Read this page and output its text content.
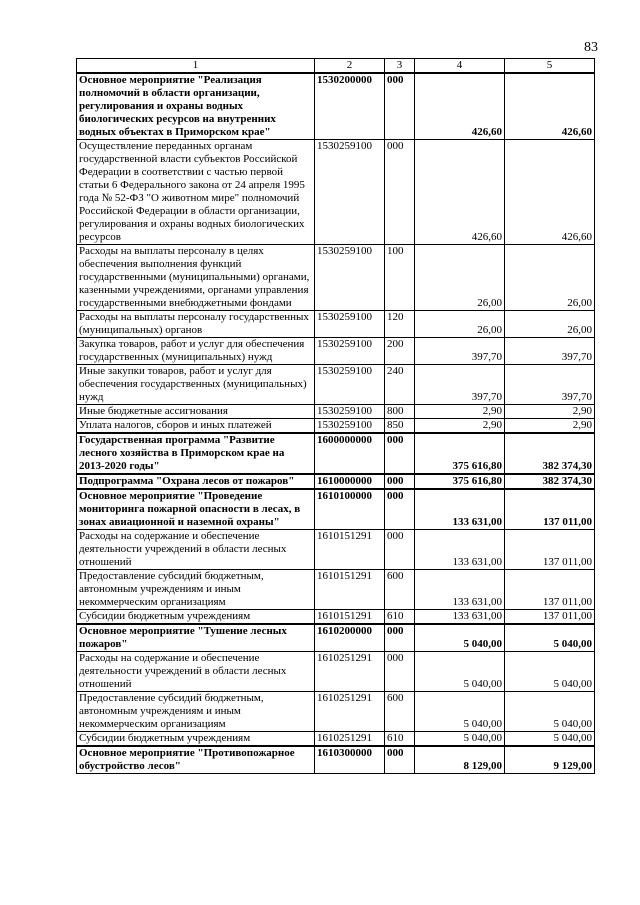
83
1	2	3	4	5
Основное мероприятие "Реализация полномочий в области организации, регулирования и охраны водных биологических ресурсов на внутренних водных объектах в Приморском крае"	1530200000	000	426,60	426,60
Осуществление переданных органам государственной власти субъектов Российской Федерации в соответствии с частью первой статьи 6 Федерального закона от 24 апреля 1995 года № 52-ФЗ "О животном мире" полномочий Российской Федерации в области организации, регулирования и охраны водных биологических ресурсов	1530259100	000	426,60	426,60
Расходы на выплаты персоналу в целях обеспечения выполнения функций государственными (муниципальными) органами, казенными учреждениями, органами управления государственными внебюджетными фондами	1530259100	100	26,00	26,00
Расходы на выплаты персоналу государственных (муниципальных) органов	1530259100	120	26,00	26,00
Закупка товаров, работ и услуг для обеспечения государственных (муниципальных) нужд	1530259100	200	397,70	397,70
Иные закупки товаров, работ и услуг для обеспечения государственных (муниципальных) нужд	1530259100	240	397,70	397,70
Иные бюджетные ассигнования	1530259100	800	2,90	2,90
Уплата налогов, сборов и иных платежей	1530259100	850	2,90	2,90
Государственная программа "Развитие лесного хозяйства в Приморском крае на 2013-2020 годы"	1600000000	000	375 616,80	382 374,30
Подпрограмма "Охрана лесов от пожаров"	1610000000	000	375 616,80	382 374,30
Основное мероприятие "Проведение мониторинга пожарной опасности в лесах, в зонах авиационной и наземной охраны"	1610100000	000	133 631,00	137 011,00
Расходы на содержание и обеспечение деятельности учреждений в области лесных отношений	1610151291	000	133 631,00	137 011,00
Предоставление субсидий бюджетным, автономным учреждениям и иным некоммерческим организациям	1610151291	600	133 631,00	137 011,00
Субсидии бюджетным учреждениям	1610151291	610	133 631,00	137 011,00
Основное мероприятие "Тушение лесных пожаров"	1610200000	000	5 040,00	5 040,00
Расходы на содержание и обеспечение деятельности учреждений в области лесных отношений	1610251291	000	5 040,00	5 040,00
Предоставление субсидий бюджетным, автономным учреждениям и иным некоммерческим организациям	1610251291	600	5 040,00	5 040,00
Субсидии бюджетным учреждениям	1610251291	610	5 040,00	5 040,00
Основное мероприятие "Противопожарное обустройство лесов"	1610300000	000	8 129,00	9 129,00
